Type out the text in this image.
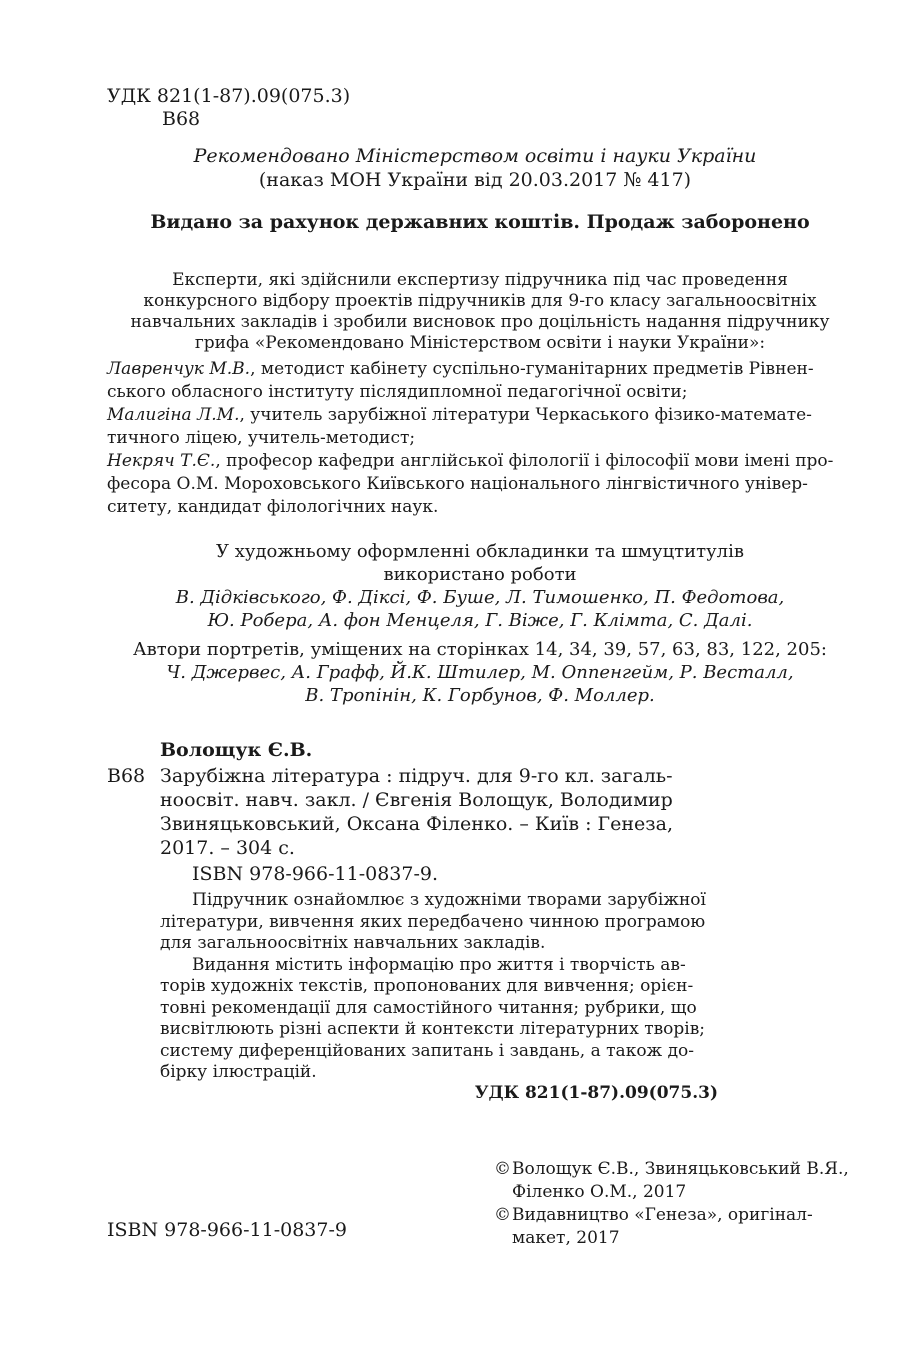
УДК 821(1-87).09(075.3)
В68
Рекомендовано Міністерством освіти і науки України
(наказ МОН України від 20.03.2017 № 417)
Видано за рахунок державних коштів. Продаж заборонено
Експерти, які здійснили експертизу підручника під час проведення
конкурсного відбору проектів підручників для 9-го класу загальноосвітніх
навчальних закладів і зробили висновок про доцільність надання підручнику
грифа «Рекомендовано Міністерством освіти і науки України»:
Лавренчук М.В., методист кабінету суспільно-гуманітарних предметів Рівнен-
ського обласного інституту післядипломної педагогічної освіти;
Малигіна Л.М., учитель зарубіжної літератури Черкаського фізико-математе-
тичного ліцею, учитель-методист;
Некряч Т.Є., професор кафедри англійської філології і філософії мови імені про-
фесора О.М. Мороховського Київського національного лінгвістичного універ-
ситету, кандидат філологічних наук.
У художньому оформленні обкладинки та шмуцтитулів
використано роботи
В. Дідківського, Ф. Діксі, Ф. Буше, Л. Тимошенко, П. Федотова,
Ю. Робера, А. фон Менцеля, Г. Віже, Г. Клімта, С. Далі.
Автори портретів, уміщених на сторінках 14, 34, 39, 57, 63, 83, 122, 205:
Ч. Джервес, А. Графф, Й.К. Штилер, М. Оппенгейм, Р. Весталл,
В. Тропінін, К. Горбунов, Ф. Моллер.
Волощук Є.В.
В68 Зарубіжна література : підруч. для 9-го кл. загаль-
ноосвіт. навч. закл. / Євгенія Волощук, Володимир
Звиняцьковський, Оксана Філенко. – Київ : Генеза,
2017. – 304 с.
ISBN 978-966-11-0837-9.
Підручник ознайомлює з художніми творами зарубіжної
літератури, вивчення яких передбачено чинною програмою
для загальноосвітніх навчальних закладів.
Видання містить інформацію про життя і творчість ав-
торів художніх текстів, пропонованих для вивчення; орієн-
товні рекомендації для самостійного читання; рубрики, що
висвітлюють різні аспекти й контексти літературних творів;
систему диференційованих запитань і завдань, а також до-
бірку ілюстрацій.
УДК 821(1-87).09(075.3)
© Волощук Є.В., Звиняцьковський В.Я.,
Філенко О.М., 2017
© Видавництво «Генеза», оригінал-
макет, 2017
ISBN 978-966-11-0837-9
